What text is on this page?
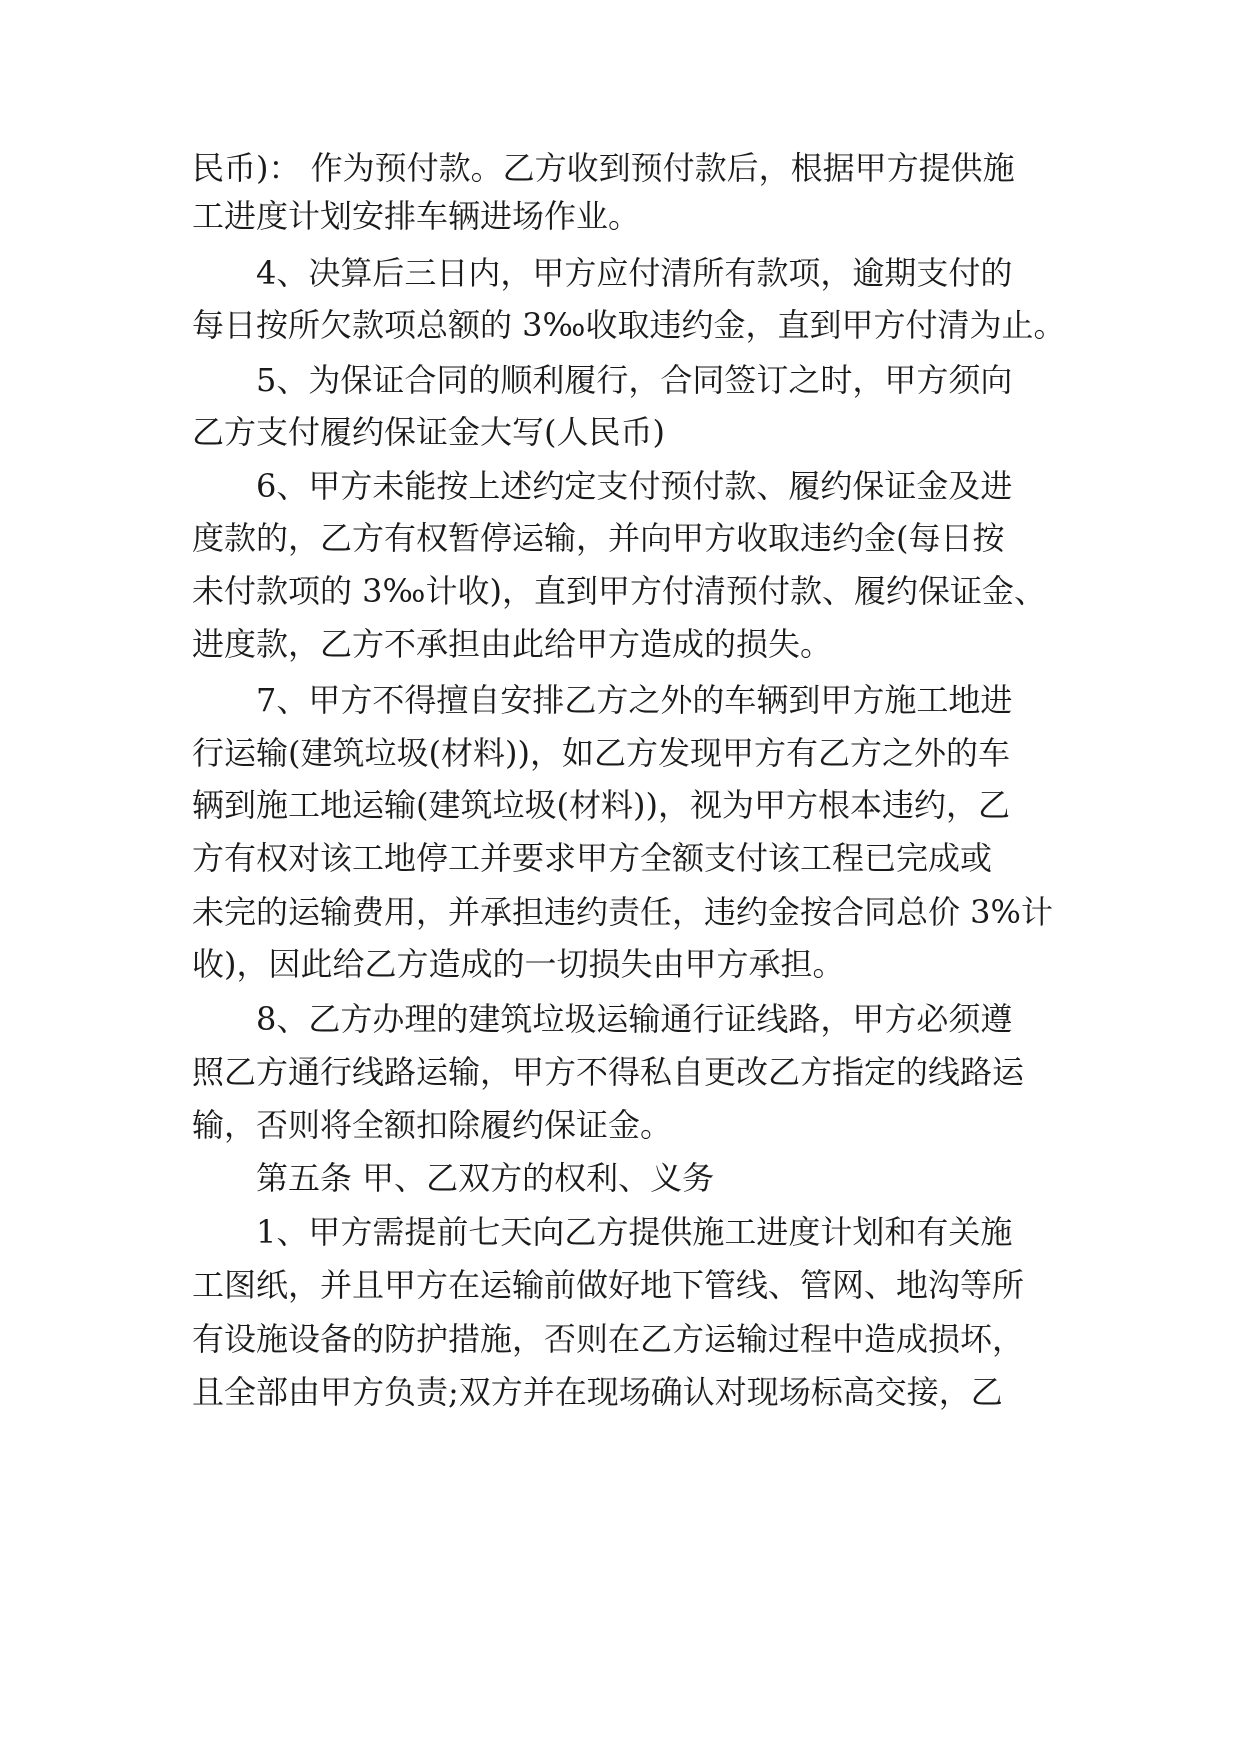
民币)： 作为预付款。乙方收到预付款后，根据甲方提供施
工进度计划安排车辆进场作业。
4、决算后三日内，甲方应付清所有款项，逾期支付的
每日按所欠款项总额的 3‰收取违约金，直到甲方付清为止。
5、为保证合同的顺利履行，合同签订之时，甲方须向
乙方支付履约保证金大写(人民币)
6、甲方未能按上述约定支付预付款、履约保证金及进
度款的，乙方有权暂停运输，并向甲方收取违约金(每日按
未付款项的 3‰计收)，直到甲方付清预付款、履约保证金、
进度款，乙方不承担由此给甲方造成的损失。
7、甲方不得擅自安排乙方之外的车辆到甲方施工地进
行运输(建筑垃圾(材料))，如乙方发现甲方有乙方之外的车
辆到施工地运输(建筑垃圾(材料))，视为甲方根本违约，乙
方有权对该工地停工并要求甲方全额支付该工程已完成或
未完的运输费用，并承担违约责任，违约金按合同总价 3%计
收)，因此给乙方造成的一切损失由甲方承担。
8、乙方办理的建筑垃圾运输通行证线路，甲方必须遵
照乙方通行线路运输，甲方不得私自更改乙方指定的线路运
输，否则将全额扣除履约保证金。
第五条 甲、乙双方的权利、义务
1、甲方需提前七天向乙方提供施工进度计划和有关施
工图纸，并且甲方在运输前做好地下管线、管网、地沟等所
有设施设备的防护措施，否则在乙方运输过程中造成损坏，
且全部由甲方负责;双方并在现场确认对现场标高交接，乙
